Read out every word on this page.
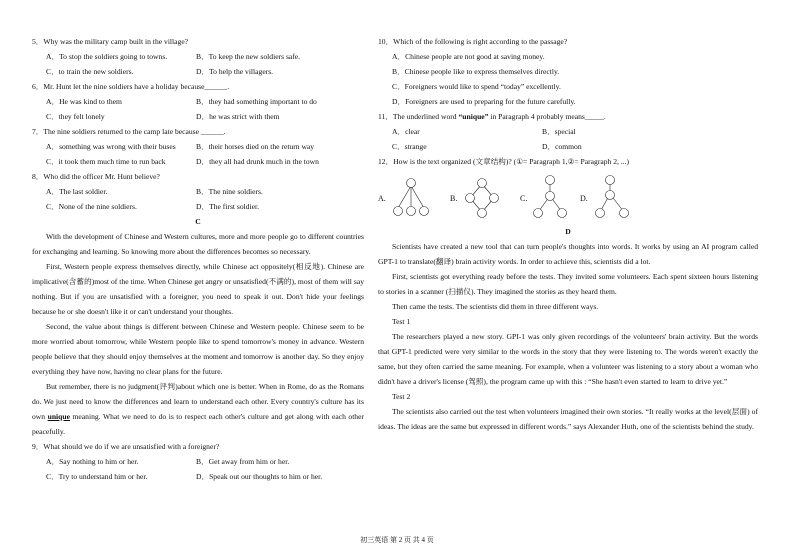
5．Why was the military camp built in the village?
A．To stop the soldiers going to towns.	B．To keep the new soldiers safe.
C．to train the new soldiers.	D．To help the villagers.
6．Mr. Hunt let the nine soldiers have a holiday because______.
A．He was kind to them	B．they had something important to do
C．they felt lonely	D．he was strict with them
7．The nine soldiers returned to the camp late because ______.
A．something was wrong with their buses	B．their horses died on the return way
C．it took them much time to run back	D．they all had drunk much in the town
8．Who did the officer Mr. Hunt believe?
A．The last soldier.	B．The nine soldiers.
C．None of the nine soldiers.	D．The first soldier.
C
With the development of Chinese and Western cultures, more and more people go to different countries for exchanging and learning. So knowing more about the differences becomes so necessary.
First, Western people express themselves directly, while Chinese act oppositely(相反地). Chinese are implicative(含蓄的)most of the time. When Chinese get angry or unsatisfied(不满的), most of them will say nothing. But if you are unsatisfied with a foreigner, you need to speak it out. Don't hide your feelings because he or she doesn't like it or can't understand your thoughts.
Second, the value about things is different between Chinese and Western people. Chinese seem to be more worried about tomorrow, while Western people like to spend tomorrow's money in advance. Western people believe that they should enjoy themselves at the moment and tomorrow is another day. So they enjoy everything they have now, having no clear plans for the future.
But remember, there is no judgment(评判)about which one is better. When in Rome, do as the Romans do. We just need to know the differences and learn to understand each other. Every country's culture has its own unique meaning. What we need to do is to respect each other's culture and get along with each other peacefully.
9．What should we do if we are unsatisfied with a foreigner?
A．Say nothing to him or her.	B．Get away from him or her.
C．Try to understand him or her.	D．Speak out our thoughts to him or her.
10．Which of the following is right according to the passage?
A．Chinese people are not good at saving money.
B．Chinese people like to express themselves directly.
C．Foreigners would like to spend “today” excellently.
D．Foreigners are used to preparing for the future carefully.
11．The underlined word “unique” in Paragraph 4 probably means_____.
A．clear	B．special
C．strange	D．common
12．How is the text organized (文章结构)? (①= Paragraph 1,②= Paragraph 2, ...)
D
Scientists have created a new tool that can turn people's thoughts into words. It works by using an AI program called GPT-1 to translate(翻译) brain activity words. In order to achieve this, scientists did a lot.
First, scientists got everything ready before the tests. They invited some volunteers. Each spent sixteen hours listening to stories in a scanner (扫描仪). They imagined the stories as they heard them.
Then came the tests. The scientists did them in three different ways.
Test 1
The researchers played a new story. GPI-1 was only given recordings of the volunteers' brain activity. But the words that GPT-1 predicted were very similar to the words in the story that they were listening to. The words weren't exactly the same, but they often carried the same meaning. For example, when a volunteer was listening to a story about a woman who didn't have a driver's license (驾照), the program came up with this : “She hasn't even started to learn to drive yet.”
Test 2
The scientists also carried out the test when volunteers imagined their own stories. “It really works at the level(层面) of ideas. The ideas are the same but expressed in different words.” says Alexander Huth, one of the scientists behind the study.
A.	B.	C.	D.
初三英语 第 2 页 共 4 页
